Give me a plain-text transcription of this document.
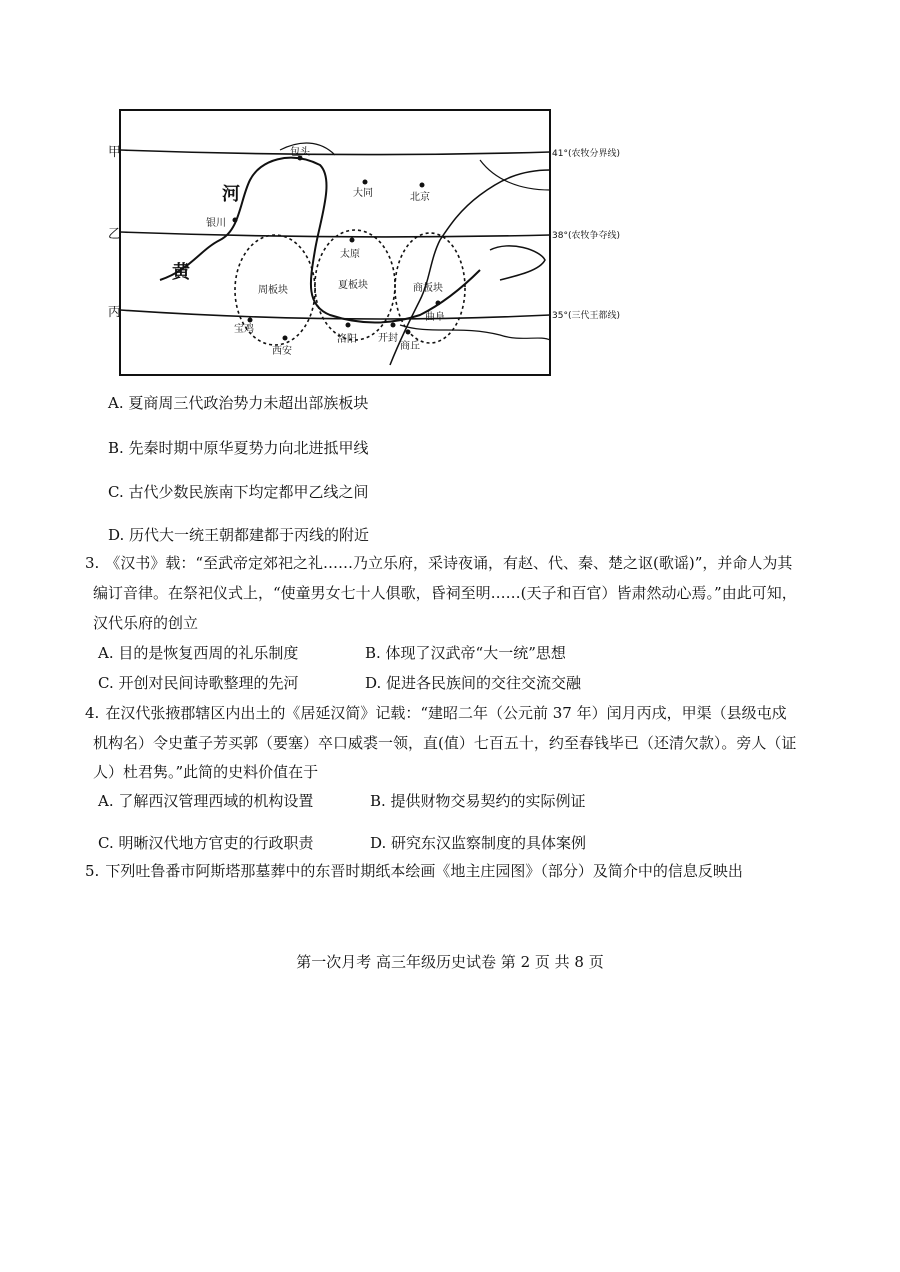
甲
乙
丙
41°(农牧分界线)
38°(农牧争夺线)
35°(三代王都线)
河
黄
包头
大同	北京
银川
太原
曲阜
宝鸡
西安
洛阳 开封
商丘
周板块	夏板块	商板块
A. 夏商周三代政治势力未超出部族板块
B. 先秦时期中原华夏势力向北进抵甲线
C. 古代少数民族南下均定都甲乙线之间
D. 历代大一统王朝都建都于丙线的附近
3. 《汉书》载：“至武帝定郊祀之礼……乃立乐府，采诗夜诵，有赵、代、秦、楚之讴(歌谣)”，并命人为其
编订音律。在祭祀仪式上，“使童男女七十人俱歌，昏祠至明……(天子和百官）皆肃然动心焉。”由此可知，
汉代乐府的创立
A. 目的是恢复西周的礼乐制度	B. 体现了汉武帝“大一统”思想
C. 开创对民间诗歌整理的先河	D. 促进各民族间的交往交流交融
4. 在汉代张掖郡辖区内出土的《居延汉简》记载：“建昭二年（公元前 37 年）闰月丙戌，甲渠（县级屯戍
机构名）令史董子芳买郭（要塞）卒口威裘一领，直(值）七百五十，约至春钱毕已（还清欠款）。旁人（证
人）杜君隽。”此简的史料价值在于
A. 了解西汉管理西域的机构设置	B. 提供财物交易契约的实际例证
C. 明晰汉代地方官吏的行政职责	D. 研究东汉监察制度的具体案例
5. 下列吐鲁番市阿斯塔那墓葬中的东晋时期纸本绘画《地主庄园图》（部分）及简介中的信息反映出
第一次月考 高三年级历史试卷 第 2 页 共 8 页
